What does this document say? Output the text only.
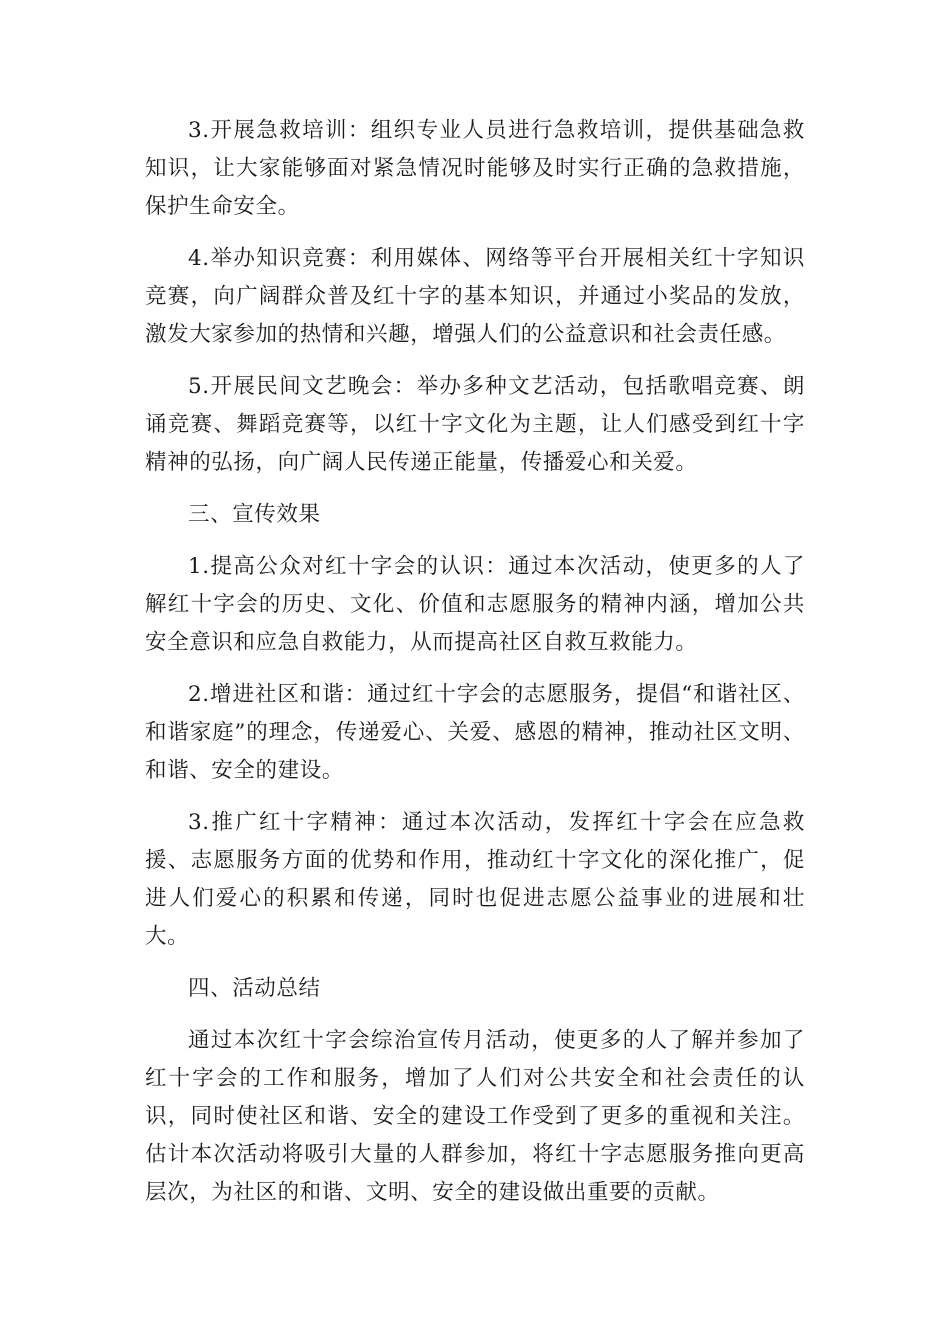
3.开展急救培训：组织专业人员进行急救培训，提供基础急救知识，让大家能够面对紧急情况时能够及时实行正确的急救措施，保护生命安全。

4.举办知识竞赛：利用媒体、网络等平台开展相关红十字知识竞赛，向广阔群众普及红十字的基本知识，并通过小奖品的发放，激发大家参加的热情和兴趣，增强人们的公益意识和社会责任感。

5.开展民间文艺晚会：举办多种文艺活动，包括歌唱竞赛、朗诵竞赛、舞蹈竞赛等，以红十字文化为主题，让人们感受到红十字精神的弘扬，向广阔人民传递正能量，传播爱心和关爱。

三、宣传效果

1.提高公众对红十字会的认识：通过本次活动，使更多的人了解红十字会的历史、文化、价值和志愿服务的精神内涵，增加公共安全意识和应急自救能力，从而提高社区自救互救能力。

2.增进社区和谐：通过红十字会的志愿服务，提倡“和谐社区、和谐家庭”的理念，传递爱心、关爱、感恩的精神，推动社区文明、和谐、安全的建设。

3.推广红十字精神：通过本次活动，发挥红十字会在应急救援、志愿服务方面的优势和作用，推动红十字文化的深化推广，促进人们爱心的积累和传递，同时也促进志愿公益事业的进展和壮大。

四、活动总结

通过本次红十字会综治宣传月活动，使更多的人了解并参加了红十字会的工作和服务，增加了人们对公共安全和社会责任的认识，同时使社区和谐、安全的建设工作受到了更多的重视和关注。估计本次活动将吸引大量的人群参加，将红十字志愿服务推向更高层次，为社区的和谐、文明、安全的建设做出重要的贡献。
